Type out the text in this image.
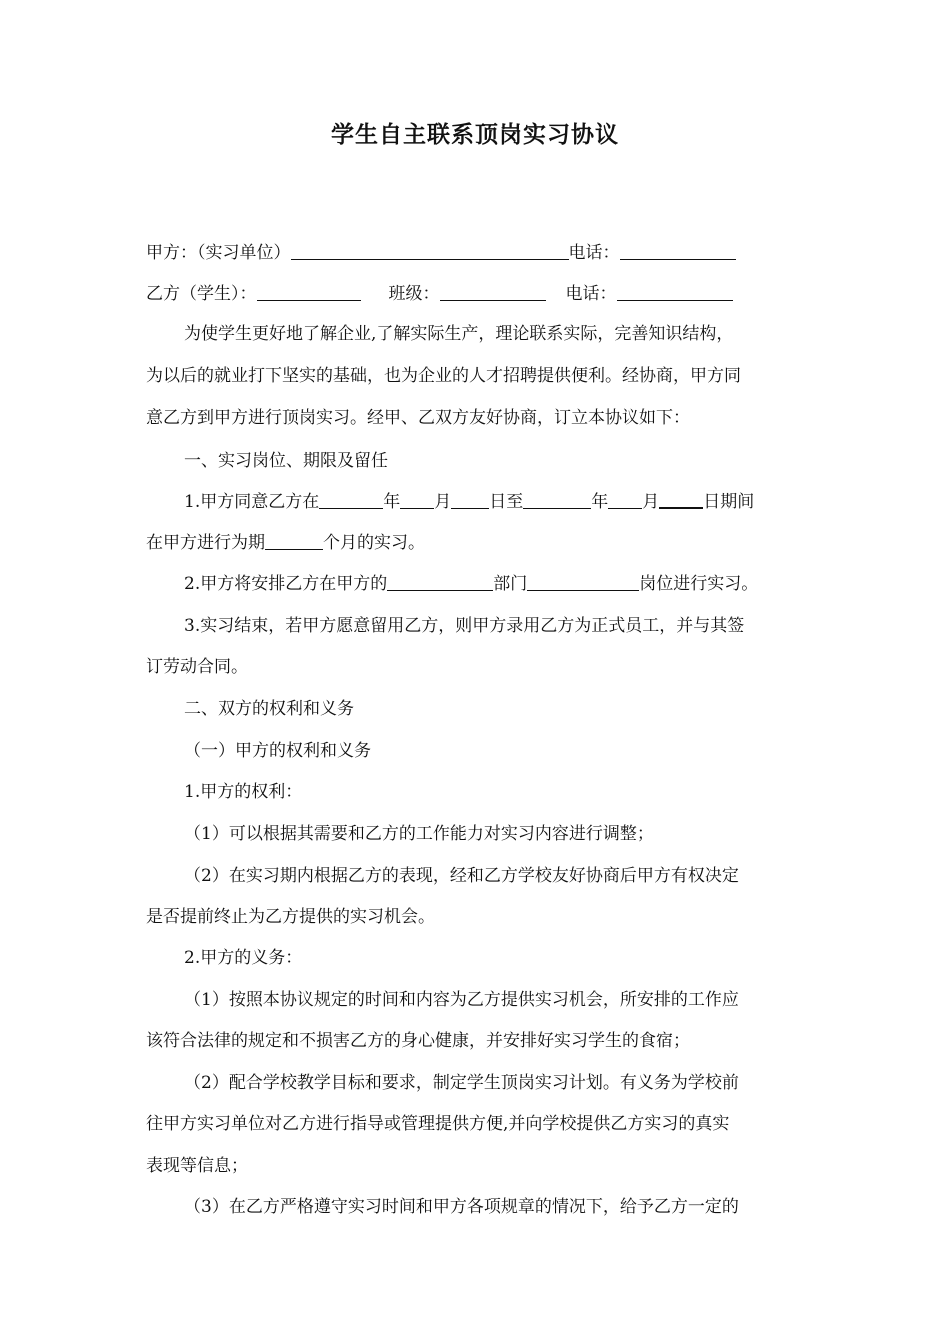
学生自主联系顶岗实习协议
甲方：（实习单位）	电话：
乙方（学生）：	班级：	电话：
为使学生更好地了解企业,了解实际生产，理论联系实际，完善知识结构，
为以后的就业打下坚实的基础，也为企业的人才招聘提供便利。经协商，甲方同
意乙方到甲方进行顶岗实习。经甲、乙双方友好协商，订立本协议如下：
一、实习岗位、期限及留任
1.甲方同意乙方在	年 月 日至	年 月	日期间
在甲方进行为期	个月的实习。
2.甲方将安排乙方在甲方的	部门	岗位进行实习。
3.实习结束，若甲方愿意留用乙方，则甲方录用乙方为正式员工，并与其签
订劳动合同。
二、双方的权利和义务
（一）甲方的权利和义务
1.甲方的权利：
（1）可以根据其需要和乙方的工作能力对实习内容进行调整；
（2）在实习期内根据乙方的表现，经和乙方学校友好协商后甲方有权决定
是否提前终止为乙方提供的实习机会。
2.甲方的义务：
（1）按照本协议规定的时间和内容为乙方提供实习机会，所安排的工作应
该符合法律的规定和不损害乙方的身心健康，并安排好实习学生的食宿；
（2）配合学校教学目标和要求，制定学生顶岗实习计划。有义务为学校前
往甲方实习单位对乙方进行指导或管理提供方便,并向学校提供乙方实习的真实
表现等信息；
（3）在乙方严格遵守实习时间和甲方各项规章的情况下，给予乙方一定的
